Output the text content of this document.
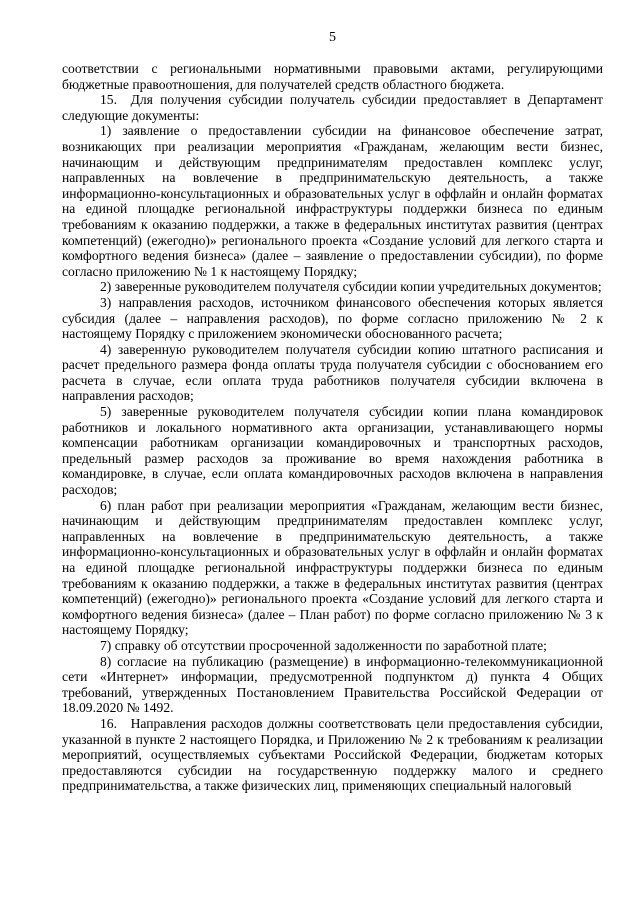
5

соответствии с региональными нормативными правовыми актами, регулирующими бюджетные правоотношения, для получателей средств областного бюджета.

15. Для получения субсидии получатель субсидии предоставляет в Департамент следующие документы:

1) заявление о предоставлении субсидии на финансовое обеспечение затрат, возникающих при реализации мероприятия «Гражданам, желающим вести бизнес, начинающим и действующим предпринимателям предоставлен комплекс услуг, направленных на вовлечение в предпринимательскую деятельность, а также информационно-консультационных и образовательных услуг в оффлайн и онлайн форматах на единой площадке региональной инфраструктуры поддержки бизнеса по единым требованиям к оказанию поддержки, а также в федеральных институтах развития (центрах компетенций) (ежегодно)» регионального проекта «Создание условий для легкого старта и комфортного ведения бизнеса» (далее – заявление о предоставлении субсидии), по форме согласно приложению № 1 к настоящему Порядку;

2) заверенные руководителем получателя субсидии копии учредительных документов;

3) направления расходов, источником финансового обеспечения которых является субсидия (далее – направления расходов), по форме согласно приложению № 2 к настоящему Порядку с приложением экономически обоснованного расчета;

4) заверенную руководителем получателя субсидии копию штатного расписания и расчет предельного размера фонда оплаты труда получателя субсидии с обоснованием его расчета в случае, если оплата труда работников получателя субсидии включена в направления расходов;

5) заверенные руководителем получателя субсидии копии плана командировок работников и локального нормативного акта организации, устанавливающего нормы компенсации работникам организации командировочных и транспортных расходов, предельный размер расходов за проживание во время нахождения работника в командировке, в случае, если оплата командировочных расходов включена в направления расходов;

6) план работ при реализации мероприятия «Гражданам, желающим вести бизнес, начинающим и действующим предпринимателям предоставлен комплекс услуг, направленных на вовлечение в предпринимательскую деятельность, а также информационно-консультационных и образовательных услуг в оффлайн и онлайн форматах на единой площадке региональной инфраструктуры поддержки бизнеса по единым требованиям к оказанию поддержки, а также в федеральных институтах развития (центрах компетенций) (ежегодно)» регионального проекта «Создание условий для легкого старта и комфортного ведения бизнеса» (далее – План работ) по форме согласно приложению № 3 к настоящему Порядку;

7) справку об отсутствии просроченной задолженности по заработной плате;

8) согласие на публикацию (размещение) в информационно-телекоммуникационной сети «Интернет» информации, предусмотренной подпунктом д) пункта 4 Общих требований, утвержденных Постановлением Правительства Российской Федерации от 18.09.2020 № 1492.

16. Направления расходов должны соответствовать цели предоставления субсидии, указанной в пункте 2 настоящего Порядка, и Приложению № 2 к требованиям к реализации мероприятий, осуществляемых субъектами Российской Федерации, бюджетам которых предоставляются субсидии на государственную поддержку малого и среднего предпринимательства, а также физических лиц, применяющих специальный налоговый
